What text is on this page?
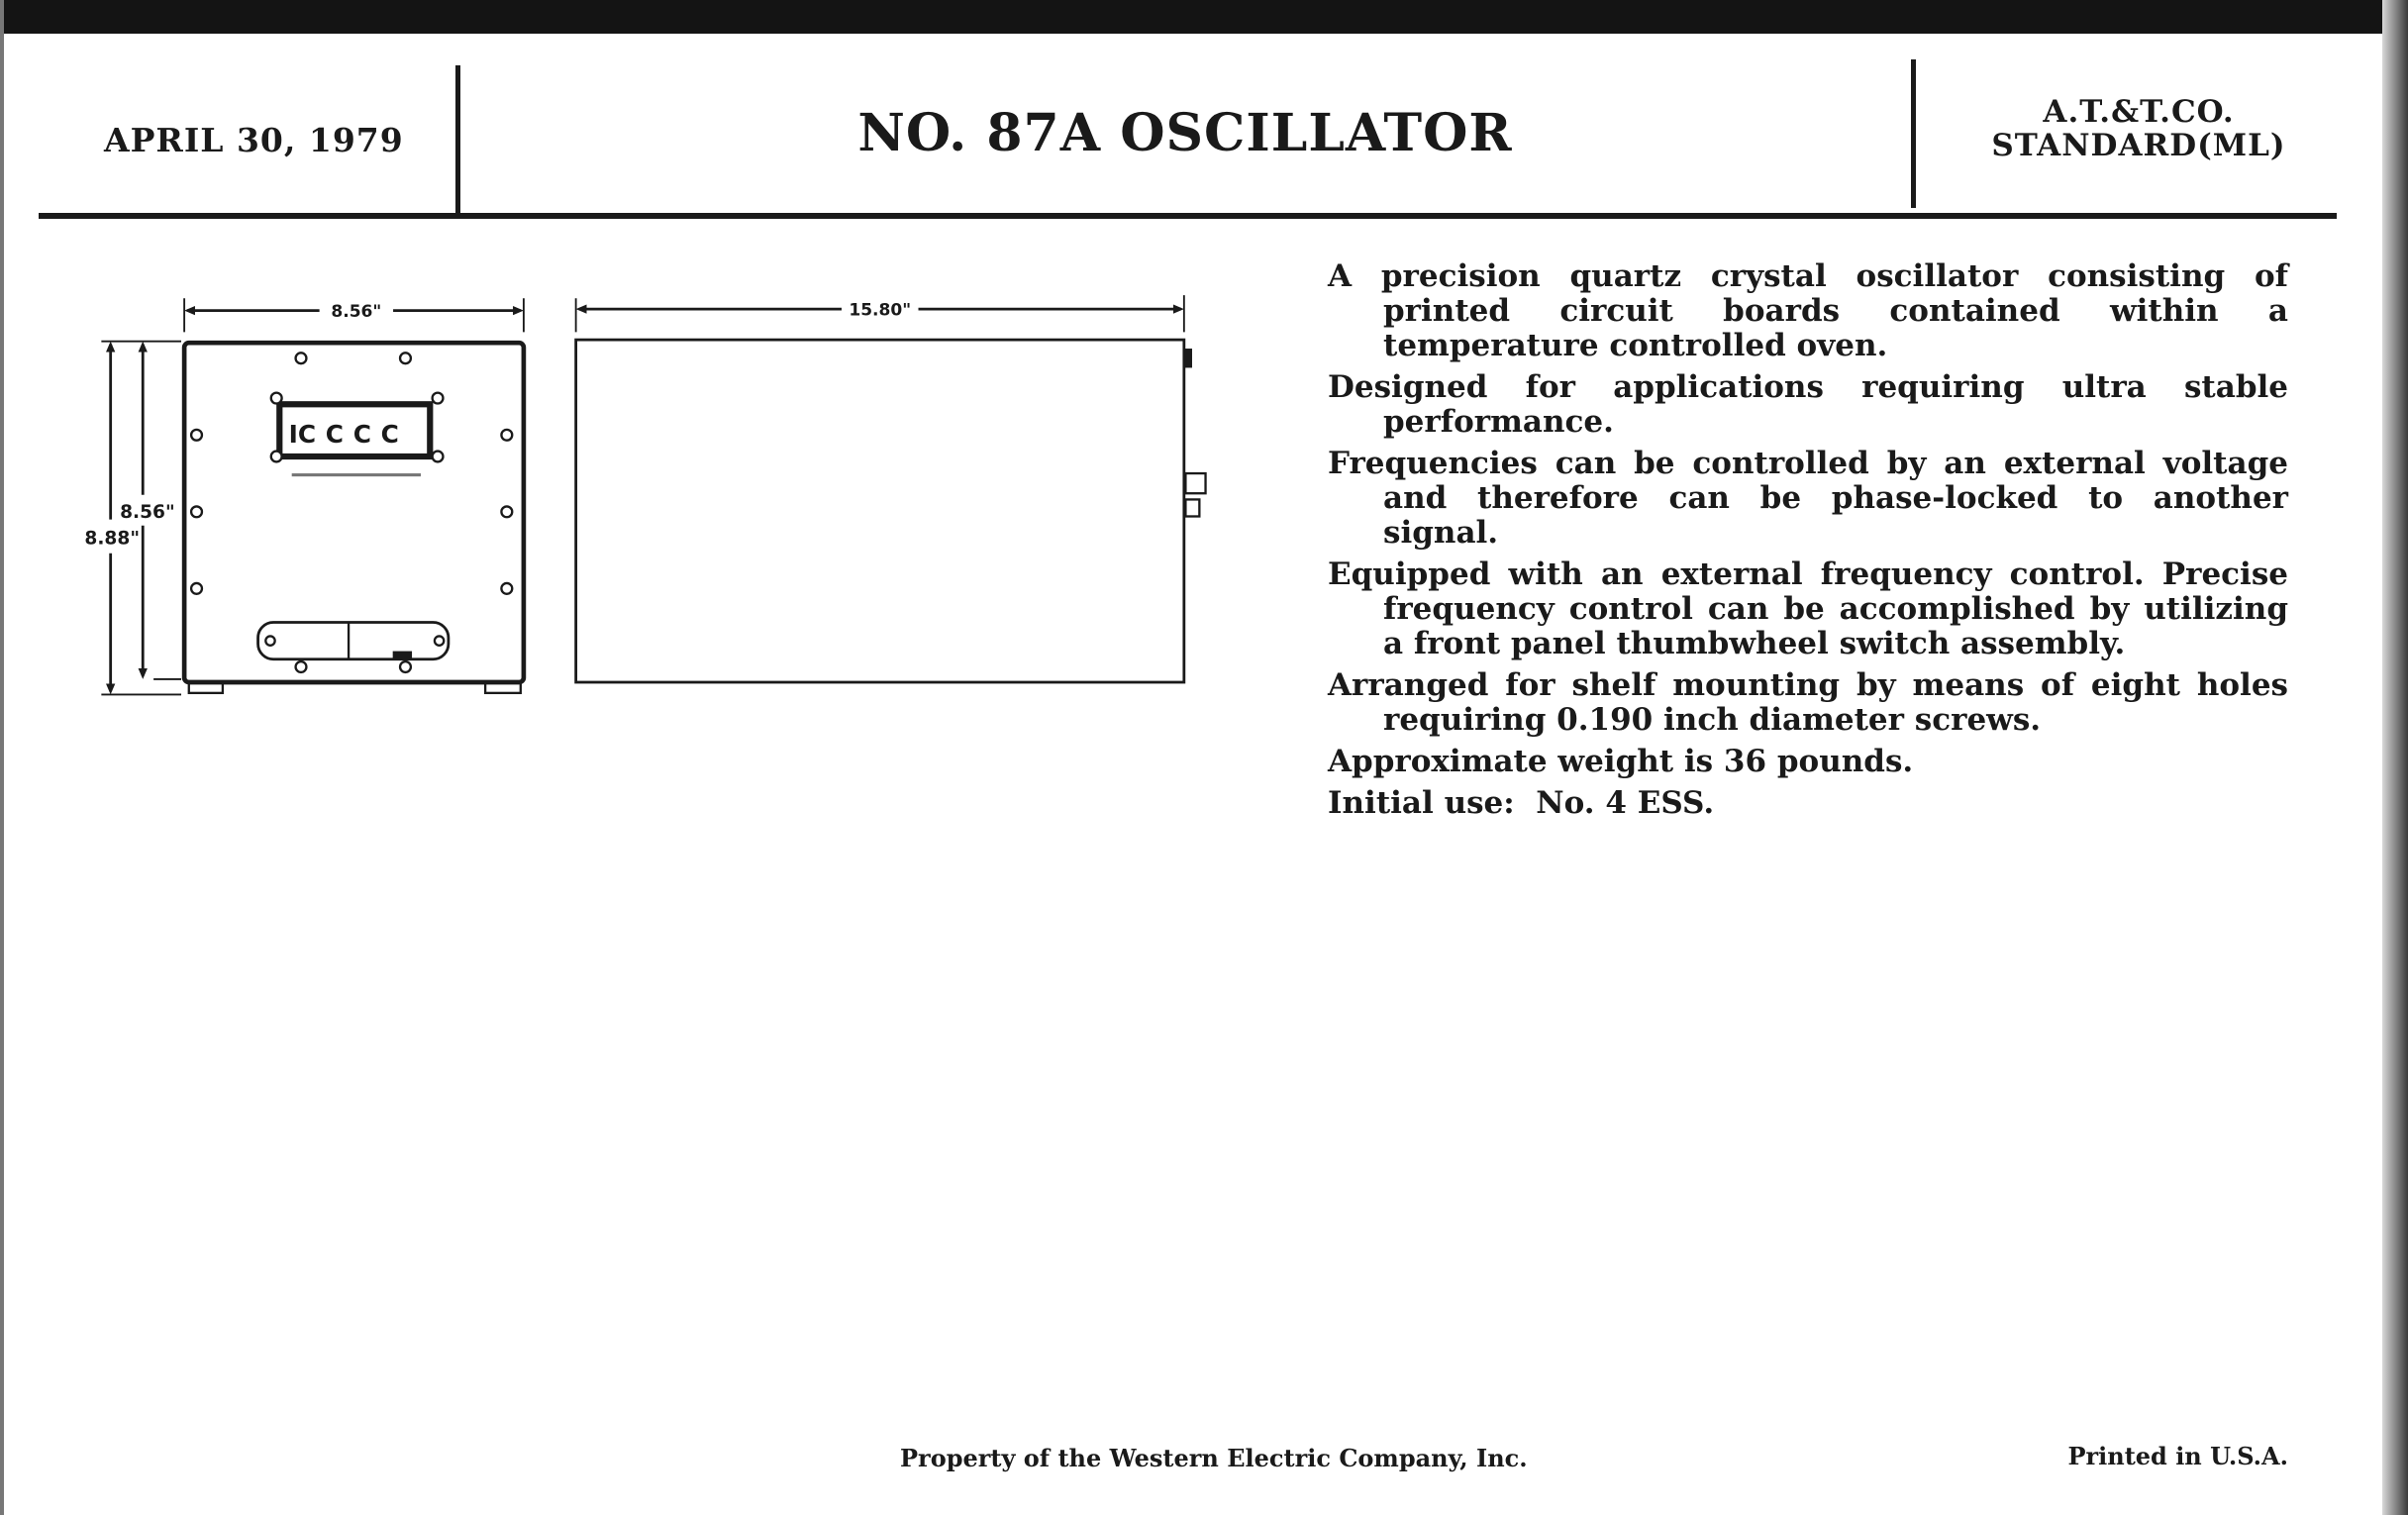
APRIL 30, 1979	NO. 87A OSCILLATOR	A.T.&T.CO.
STANDARD(ML)
I C C C C
8.56"	15.80"
8.56"
8.88"

A precision quartz crystal oscillator consisting of printed circuit boards contained within a temperature controlled oven.

Designed for applications requiring ultra stable performance.

Frequencies can be controlled by an external voltage and therefore can be phase-locked to another signal.

Equipped with an external frequency control. Precise frequency control can be accomplished by utilizing a front panel thumbwheel switch assembly.

Arranged for shelf mounting by means of eight holes requiring 0.190 inch diameter screws.

Approximate weight is 36 pounds.

Initial use:  No. 4 ESS.

Property of the Western Electric Company, Inc.	Printed in U.S.A.
